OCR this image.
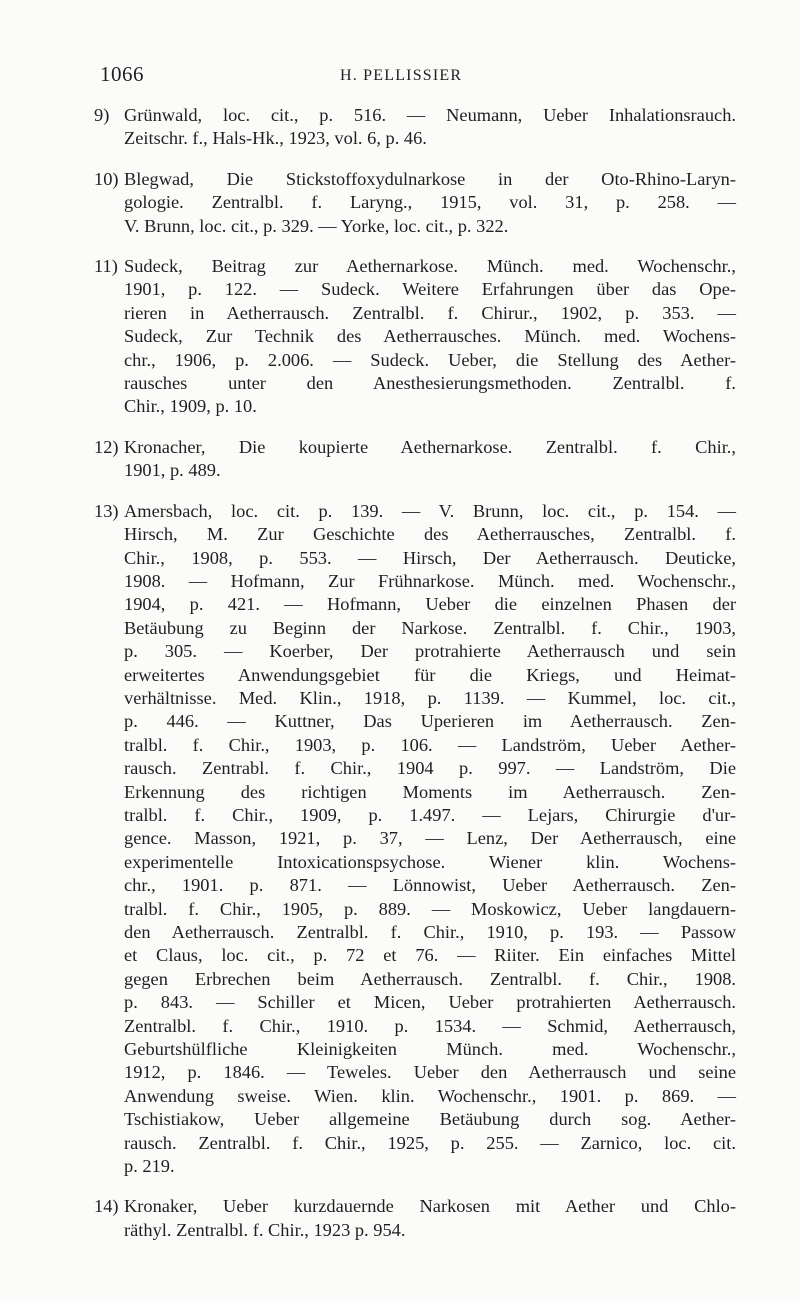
1066	H. PELLISSIER
9) Grünwald, loc. cit., p. 516. — Neumann, Ueber Inhalationsrauch.
Zeitschr. f., Hals-Hk., 1923, vol. 6, p. 46.
10) Blegwad, Die Stickstoffoxydulnarkose in der Oto-Rhino-Laryn-
gologie. Zentralbl. f. Laryng., 1915, vol. 31, p. 258. —
V. Brunn, loc. cit., p. 329. — Yorke, loc. cit., p. 322.
11) Sudeck, Beitrag zur Aethernarkose. Münch. med. Wochenschr.,
1901, p. 122. — Sudeck. Weitere Erfahrungen über das Ope-
rieren in Aetherrausch. Zentralbl. f. Chirur., 1902, p. 353. —
Sudeck, Zur Technik des Aetherrausches. Münch. med. Wochens-
chr., 1906, p. 2.006. — Sudeck. Ueber, die Stellung des Aether-
rausches unter den Anesthesierungsmethoden. Zentralbl. f.
Chir., 1909, p. 10.
12) Kronacher, Die koupierte Aethernarkose. Zentralbl. f. Chir.,
1901, p. 489.
13) Amersbach, loc. cit. p. 139. — V. Brunn, loc. cit., p. 154. —
Hirsch, M. Zur Geschichte des Aetherrausches, Zentralbl. f.
Chir., 1908, p. 553. — Hirsch, Der Aetherrausch. Deuticke,
1908. — Hofmann, Zur Frühnarkose. Münch. med. Wochenschr.,
1904, p. 421. — Hofmann, Ueber die einzelnen Phasen der
Betäubung zu Beginn der Narkose. Zentralbl. f. Chir., 1903,
p. 305. — Koerber, Der protrahierte Aetherrausch und sein
erweitertes Anwendungsgebiet für die Kriegs, und Heimat-
verhältnisse. Med. Klin., 1918, p. 1139. — Kummel, loc. cit.,
p. 446. — Kuttner, Das Uperieren im Aetherrausch. Zen-
tralbl. f. Chir., 1903, p. 106. — Landström, Ueber Aether-
rausch. Zentrabl. f. Chir., 1904 p. 997. — Landström, Die
Erkennung des richtigen Moments im Aetherrausch. Zen-
tralbl. f. Chir., 1909, p. 1.497. — Lejars, Chirurgie d'ur-
gence. Masson, 1921, p. 37, — Lenz, Der Aetherrausch, eine
experimentelle Intoxicationspsychose. Wiener klin. Wochens-
chr., 1901. p. 871. — Lönnowist, Ueber Aetherrausch. Zen-
tralbl. f. Chir., 1905, p. 889. — Moskowicz, Ueber langdauern-
den Aetherrausch. Zentralbl. f. Chir., 1910, p. 193. — Passow
et Claus, loc. cit., p. 72 et 76. — Riiter. Ein einfaches Mittel
gegen Erbrechen beim Aetherrausch. Zentralbl. f. Chir., 1908.
p. 843. — Schiller et Micen, Ueber protrahierten Aetherrausch.
Zentralbl. f. Chir., 1910. p. 1534. — Schmid, Aetherrausch,
Geburtshülfliche Kleinigkeiten Münch. med. Wochenschr.,
1912, p. 1846. — Teweles. Ueber den Aetherrausch und seine
Anwendung sweise. Wien. klin. Wochenschr., 1901. p. 869. —
Tschistiakow, Ueber allgemeine Betäubung durch sog. Aether-
rausch. Zentralbl. f. Chir., 1925, p. 255. — Zarnico, loc. cit.
p. 219.
14) Kronaker, Ueber kurzdauernde Narkosen mit Aether und Chlo-
räthyl. Zentralbl. f. Chir., 1923 p. 954.
